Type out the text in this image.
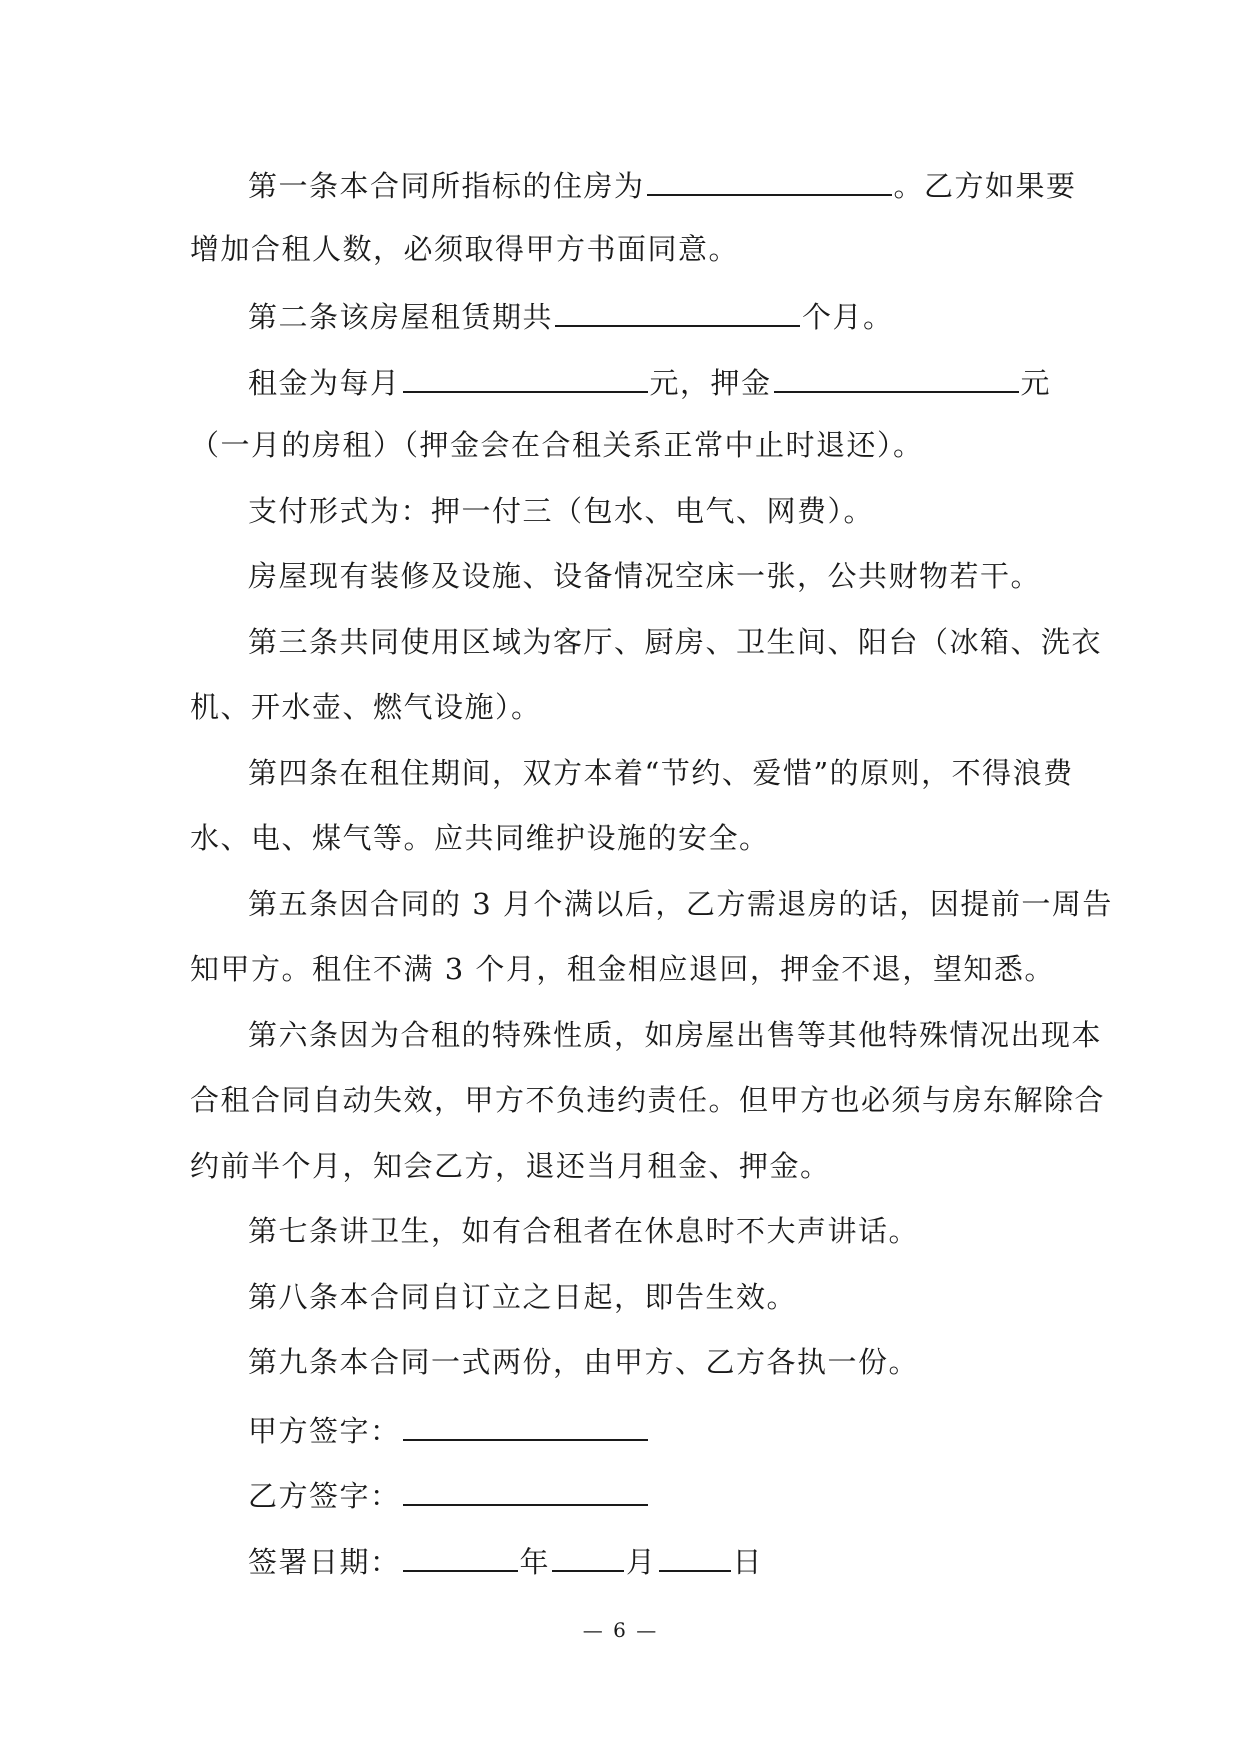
第一条本合同所指标的住房为	。乙方如果要
增加合租人数，必须取得甲方书面同意。
第二条该房屋租赁期共	个月。
租金为每月	元，押金	元
（一月的房租）（押金会在合租关系正常中止时退还）。
支付形式为：押一付三（包水、电气、网费）。
房屋现有装修及设施、设备情况空床一张，公共财物若干。
第三条共同使用区域为客厅、厨房、卫生间、阳台（冰箱、洗衣
机、开水壶、燃气设施）。
第四条在租住期间，双方本着“节约、爱惜”的原则，不得浪费
水、电、煤气等。应共同维护设施的安全。
第五条因合同的 3 月个满以后，乙方需退房的话，因提前一周告
知甲方。租住不满 3 个月，租金相应退回，押金不退，望知悉。
第六条因为合租的特殊性质，如房屋出售等其他特殊情况出现本
合租合同自动失效，甲方不负违约责任。但甲方也必须与房东解除合
约前半个月，知会乙方，退还当月租金、押金。
第七条讲卫生，如有合租者在休息时不大声讲话。
第八条本合同自订立之日起，即告生效。
第九条本合同一式两份，由甲方、乙方各执一份。
甲方签字：
乙方签字：
签署日期：	年	月	日
— 6 —
